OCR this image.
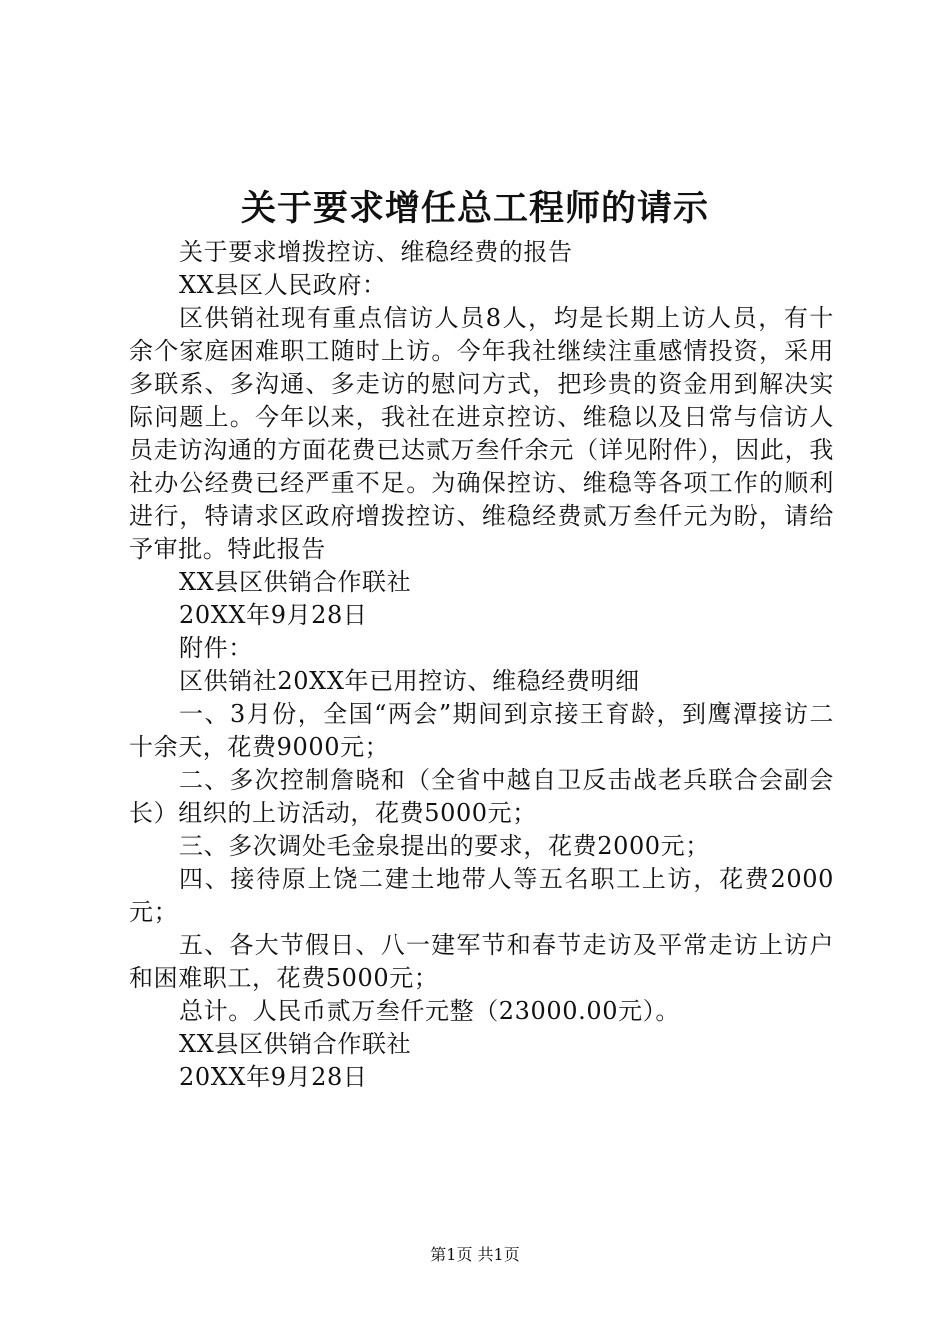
关于要求增任总工程师的请示

关于要求增拨控访、维稳经费的报告

XX县区人民政府：

区供销社现有重点信访人员8人，均是长期上访人员，有十余个家庭困难职工随时上访。今年我社继续注重感情投资，采用多联系、多沟通、多走访的慰问方式，把珍贵的资金用到解决实际问题上。今年以来，我社在进京控访、维稳以及日常与信访人员走访沟通的方面花费已达贰万叁仟余元（详见附件），因此，我社办公经费已经严重不足。为确保控访、维稳等各项工作的顺利进行，特请求区政府增拨控访、维稳经费贰万叁仟元为盼，请给予审批。特此报告

XX县区供销合作联社

20XX年9月28日

附件：

区供销社20XX年已用控访、维稳经费明细

一、3月份，全国“两会”期间到京接王育龄，到鹰潭接访二十余天，花费9000元；

二、多次控制詹晓和（全省中越自卫反击战老兵联合会副会长）组织的上访活动，花费5000元；

三、多次调处毛金泉提出的要求，花费2000元；

四、接待原上饶二建土地带人等五名职工上访，花费2000元；

五、各大节假日、八一建军节和春节走访及平常走访上访户和困难职工，花费5000元；

总计。人民币贰万叁仟元整（23000.00元）。

XX县区供销合作联社

20XX年9月28日

第1页 共1页
